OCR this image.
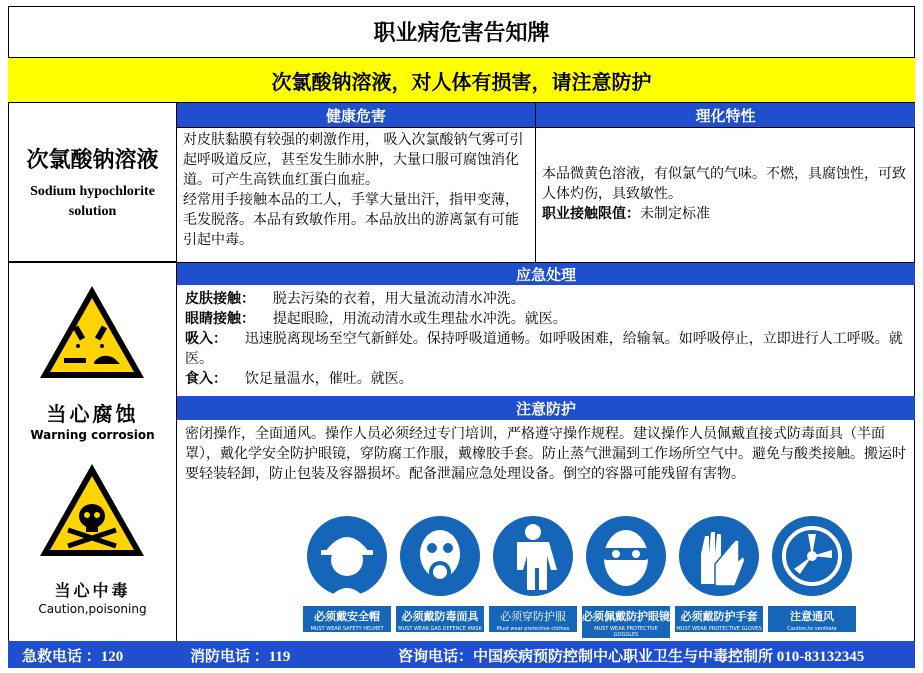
职业病危害告知牌
次氯酸钠溶液，对人体有损害，请注意防护
次氯酸钠溶液
Sodium hypochlorite
solution
当心腐蚀
Warning corrosion
当心中毒
Caution,poisoning
健康危害	理化特性
对皮肤黏膜有较强的刺激作用， 吸入次氯酸钠气雾可引起呼吸道反应，甚至发生肺水肿，大量口服可腐蚀消化道。可产生高铁血红蛋白血症。
经常用手接触本品的工人，手掌大量出汗，指甲变薄，毛发脱落。本品有致敏作用。本品放出的游离氯有可能引起中毒。
本品微黄色溶液，有似氯气的气味。不燃，具腐蚀性，可致人体灼伤，具致敏性。
职业接触限值：未制定标准
应急处理
皮肤接触： 脱去污染的衣着，用大量流动清水冲洗。
眼睛接触： 提起眼睑，用流动清水或生理盐水冲洗。就医。
吸入： 迅速脱离现场至空气新鲜处。保持呼吸道通畅。如呼吸困难，给输氧。如呼吸停止，立即进行人工呼吸。就医。
食入： 饮足量温水，催吐。就医。
注意防护
密闭操作，全面通风。操作人员必须经过专门培训，严格遵守操作规程。建议操作人员佩戴直接式防毒面具（半面罩），戴化学安全防护眼镜，穿防腐工作服，戴橡胶手套。防止蒸气泄漏到工作场所空气中。避免与酸类接触。搬运时要轻装轻卸，防止包装及容器损坏。配备泄漏应急处理设备。倒空的容器可能残留有害物。
必须戴安全帽
MUST WEAR SAFETY HELMET
必须戴防毒面具
MUST WEAR GAS DEFENCE MASK
必须穿防护服
Must wear protective clothes
必须佩戴防护眼镜
MUST WEAR PROTECTIVE GOGGLES
必须戴防护手套
MUST WEAR PROTECTIVE GLOVES
注意通风
Caution,to ventilate
急救电话 ：120	消防电话 ：119	咨询电话：中国疾病预防控制中心职业卫生与中毒控制所 010-83132345
